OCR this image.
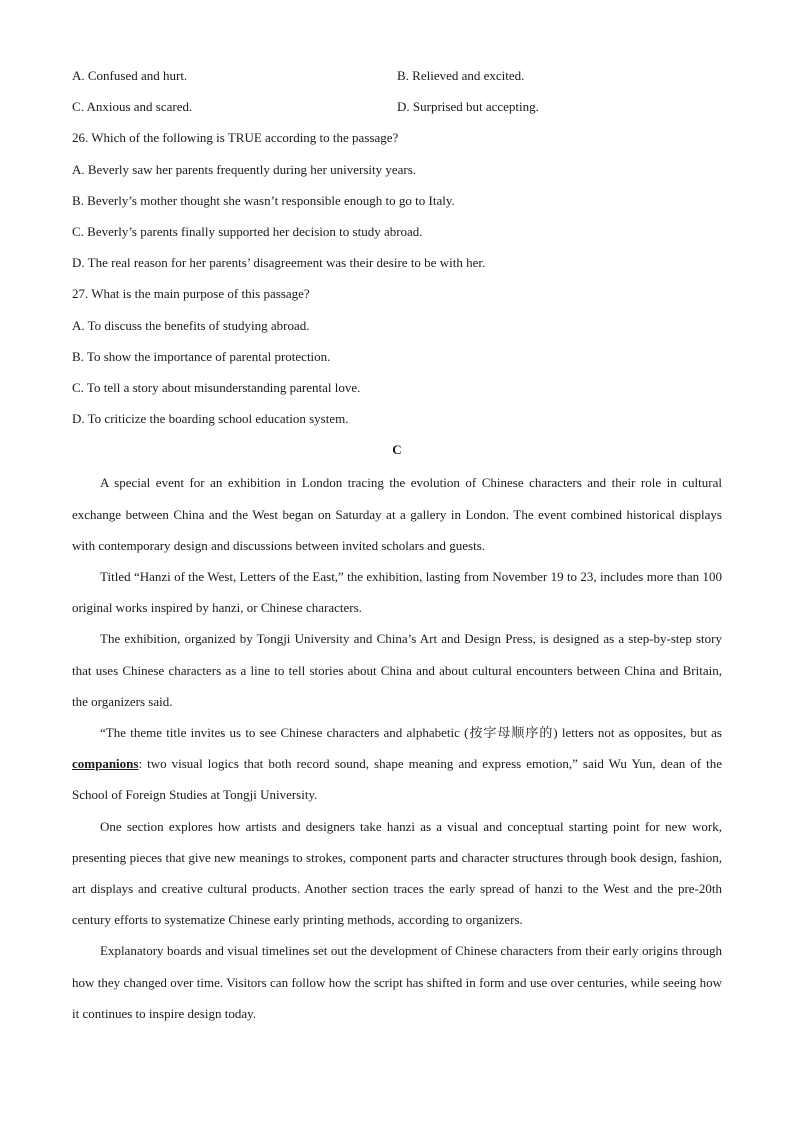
A. Confused and hurt.	B. Relieved and excited.
C. Anxious and scared.	D. Surprised but accepting.
26. Which of the following is TRUE according to the passage?
A. Beverly saw her parents frequently during her university years.
B. Beverly’s mother thought she wasn’t responsible enough to go to Italy.
C. Beverly’s parents finally supported her decision to study abroad.
D. The real reason for her parents’ disagreement was their desire to be with her.
27. What is the main purpose of this passage?
A. To discuss the benefits of studying abroad.
B. To show the importance of parental protection.
C. To tell a story about misunderstanding parental love.
D. To criticize the boarding school education system.
C

A special event for an exhibition in London tracing the evolution of Chinese characters and their role in cultural exchange between China and the West began on Saturday at a gallery in London. The event combined historical displays with contemporary design and discussions between invited scholars and guests.

Titled “Hanzi of the West, Letters of the East,” the exhibition, lasting from November 19 to 23, includes more than 100 original works inspired by hanzi, or Chinese characters.

The exhibition, organized by Tongji University and China’s Art and Design Press, is designed as a step-by-step story that uses Chinese characters as a line to tell stories about China and about cultural encounters between China and Britain, the organizers said.

“The theme title invites us to see Chinese characters and alphabetic (按字母顺序的) letters not as opposites, but as companions: two visual logics that both record sound, shape meaning and express emotion,” said Wu Yun, dean of the School of Foreign Studies at Tongji University.

One section explores how artists and designers take hanzi as a visual and conceptual starting point for new work, presenting pieces that give new meanings to strokes, component parts and character structures through book design, fashion, art displays and creative cultural products. Another section traces the early spread of hanzi to the West and the pre-20th century efforts to systematize Chinese early printing methods, according to organizers.

Explanatory boards and visual timelines set out the development of Chinese characters from their early origins through how they changed over time. Visitors can follow how the script has shifted in form and use over centuries, while seeing how it continues to inspire design today.
